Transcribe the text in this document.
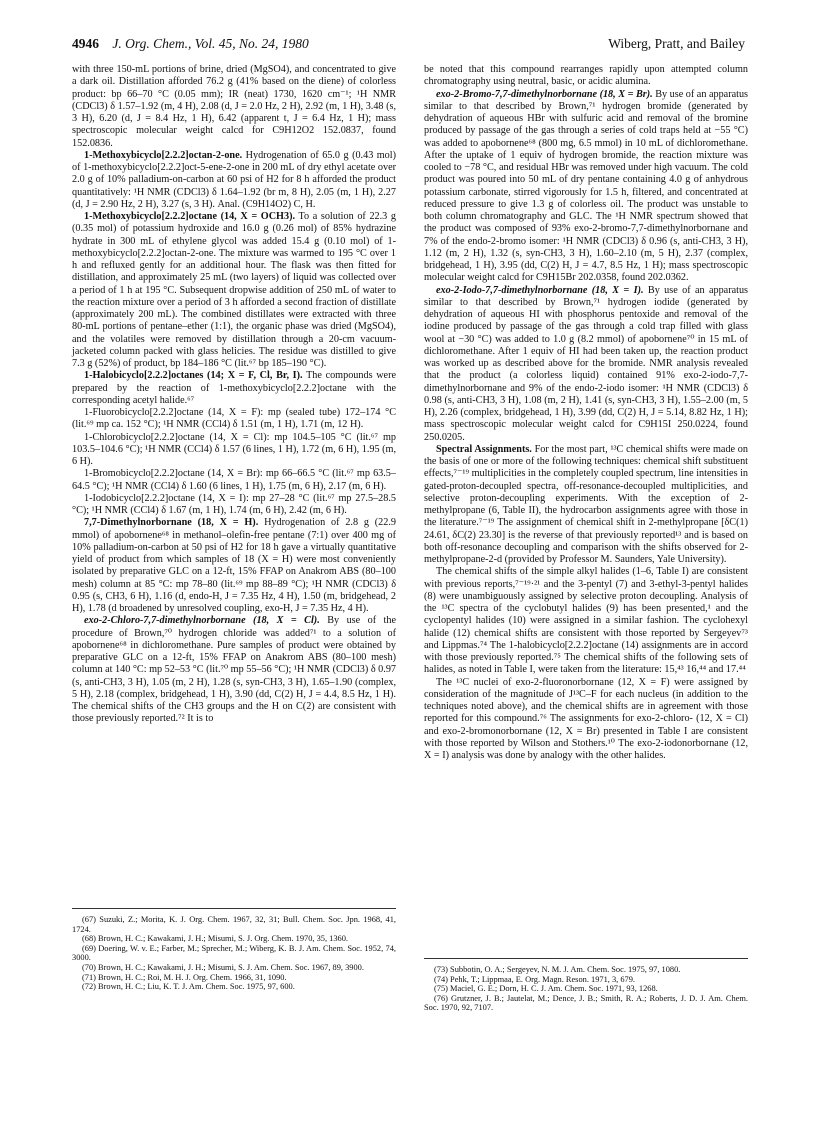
4946 J. Org. Chem., Vol. 45, No. 24, 1980	Wiberg, Pratt, and Bailey

with three 150-mL portions of brine, dried (MgSO4), and concentrated to give a dark oil. Distillation afforded 76.2 g (41% based on the diene) of colorless product: bp 66–70 °C (0.05 mm); IR (neat) 1730, 1620 cm⁻¹; ¹H NMR (CDCl3) δ 1.57–1.92 (m, 4 H), 2.08 (d, J = 2.0 Hz, 2 H), 2.92 (m, 1 H), 3.48 (s, 3 H), 6.20 (d, J = 8.4 Hz, 1 H), 6.42 (apparent t, J = 6.4 Hz, 1 H); mass spectroscopic molecular weight calcd for C9H12O2 152.0837, found 152.0836.

1-Methoxybicyclo[2.2.2]octan-2-one. Hydrogenation of 65.0 g (0.43 mol) of 1-methoxybicyclo[2.2.2]oct-5-ene-2-one in 200 mL of dry ethyl acetate over 2.0 g of 10% palladium-on-carbon at 60 psi of H2 for 8 h afforded the product quantitatively: ¹H NMR (CDCl3) δ 1.64–1.92 (br m, 8 H), 2.05 (m, 1 H), 2.27 (d, J = 2.90 Hz, 2 H), 3.27 (s, 3 H). Anal. (C9H14O2) C, H.

1-Methoxybicyclo[2.2.2]octane (14, X = OCH3). To a solution of 22.3 g (0.35 mol) of potassium hydroxide and 16.0 g (0.26 mol) of 85% hydrazine hydrate in 300 mL of ethylene glycol was added 15.4 g (0.10 mol) of 1-methoxybicyclo[2.2.2]octan-2-one. The mixture was warmed to 195 °C over 1 h and refluxed gently for an additional hour. The flask was then fitted for distillation, and approximately 25 mL (two layers) of liquid was collected over a period of 1 h at 195 °C. Subsequent dropwise addition of 250 mL of water to the reaction mixture over a period of 3 h afforded a second fraction of distillate (approximately 200 mL). The combined distillates were extracted with three 80-mL portions of pentane–ether (1:1), the organic phase was dried (MgSO4), and the volatiles were removed by distillation through a 20-cm vacuum-jacketed column packed with glass helicies. The residue was distilled to give 7.3 g (52%) of product, bp 184–186 °C (lit.⁶⁷ bp 185–190 °C).

1-Halobicyclo[2.2.2]octanes (14; X = F, Cl, Br, I). The compounds were prepared by the reaction of 1-methoxybicyclo[2.2.2]octane with the corresponding acetyl halide.⁶⁷

1-Fluorobicyclo[2.2.2]octane (14, X = F): mp (sealed tube) 172–174 °C (lit.⁶⁹ mp ca. 152 °C); ¹H NMR (CCl4) δ 1.51 (m, 1 H), 1.71 (m, 12 H).

1-Chlorobicyclo[2.2.2]octane (14, X = Cl): mp 104.5–105 °C (lit.⁶⁷ mp 103.5–104.6 °C); ¹H NMR (CCl4) δ 1.57 (6 lines, 1 H), 1.72 (m, 6 H), 1.95 (m, 6 H).

1-Bromobicyclo[2.2.2]octane (14, X = Br): mp 66–66.5 °C (lit.⁶⁷ mp 63.5–64.5 °C); ¹H NMR (CCl4) δ 1.60 (6 lines, 1 H), 1.75 (m, 6 H), 2.17 (m, 6 H).

1-Iodobicyclo[2.2.2]octane (14, X = I): mp 27–28 °C (lit.⁶⁷ mp 27.5–28.5 °C); ¹H NMR (CCl4) δ 1.67 (m, 1 H), 1.74 (m, 6 H), 2.42 (m, 6 H).

7,7-Dimethylnorbornane (18, X = H). Hydrogenation of 2.8 g (22.9 mmol) of apobornene⁶⁸ in methanol–olefin-free pentane (7:1) over 400 mg of 10% palladium-on-carbon at 50 psi of H2 for 18 h gave a virtually quantitative yield of product from which samples of 18 (X = H) were most conveniently isolated by preparative GLC on a 12-ft, 15% FFAP on Anakrom ABS (80–100 mesh) column at 85 °C: mp 78–80 (lit.⁶⁹ mp 88–89 °C); ¹H NMR (CDCl3) δ 0.95 (s, CH3, 6 H), 1.16 (d, endo-H, J = 7.35 Hz, 4 H), 1.50 (m, bridgehead, 2 H), 1.78 (d broadened by unresolved coupling, exo-H, J = 7.35 Hz, 4 H).

exo-2-Chloro-7,7-dimethylnorbornane (18, X = Cl). By use of the procedure of Brown,⁷⁰ hydrogen chloride was added⁷¹ to a solution of apobornene⁶⁸ in dichloromethane. Pure samples of product were obtained by preparative GLC on a 12-ft, 15% FFAP on Anakrom ABS (80–100 mesh) column at 140 °C: mp 52–53 °C (lit.⁷⁰ mp 55–56 °C); ¹H NMR (CDCl3) δ 0.97 (s, anti-CH3, 3 H), 1.05 (m, 2 H), 1.28 (s, syn-CH3, 3 H), 1.65–1.90 (complex, 5 H), 2.18 (complex, bridgehead, 1 H), 3.90 (dd, C(2) H, J = 4.4, 8.5 Hz, 1 H). The chemical shifts of the CH3 groups and the H on C(2) are consistent with those previously reported.⁷² It is to

be noted that this compound rearranges rapidly upon attempted column chromatography using neutral, basic, or acidic alumina.

exo-2-Bromo-7,7-dimethylnorbornane (18, X = Br). By use of an apparatus similar to that described by Brown,⁷¹ hydrogen bromide (generated by dehydration of aqueous HBr with sulfuric acid and removal of the bromine produced by passage of the gas through a series of cold traps held at −55 °C) was added to apobornene⁶⁸ (800 mg, 6.5 mmol) in 10 mL of dichloromethane. After the uptake of 1 equiv of hydrogen bromide, the reaction mixture was cooled to −78 °C, and residual HBr was removed under high vacuum. The cold product was poured into 50 mL of dry pentane containing 4.0 g of anhydrous potassium carbonate, stirred vigorously for 1.5 h, filtered, and concentrated at reduced pressure to give 1.3 g of colorless oil. The product was unstable to both column chromatography and GLC. The ¹H NMR spectrum showed that the product was composed of 93% exo-2-bromo-7,7-dimethylnorbornane and 7% of the endo-2-bromo isomer: ¹H NMR (CDCl3) δ 0.96 (s, anti-CH3, 3 H), 1.12 (m, 2 H), 1.32 (s, syn-CH3, 3 H), 1.60–2.10 (m, 5 H), 2.37 (complex, bridgehead, 1 H), 3.95 (dd, C(2) H, J = 4.7, 8.5 Hz, 1 H); mass spectroscopic molecular weight calcd for C9H15Br 202.0358, found 202.0362.

exo-2-Iodo-7,7-dimethylnorbornane (18, X = I). By use of an apparatus similar to that described by Brown,⁷¹ hydrogen iodide (generated by dehydration of aqueous HI with phosphorus pentoxide and removal of the iodine produced by passage of the gas through a cold trap filled with glass wool at −30 °C) was added to 1.0 g (8.2 mmol) of apobornene⁷⁰ in 15 mL of dichloromethane. After 1 equiv of HI had been taken up, the reaction product was worked up as described above for the bromide. NMR analysis revealed that the product (a colorless liquid) contained 91% exo-2-iodo-7,7-dimethylnorbornane and 9% of the endo-2-iodo isomer: ¹H NMR (CDCl3) δ 0.98 (s, anti-CH3, 3 H), 1.08 (m, 2 H), 1.41 (s, syn-CH3, 3 H), 1.55–2.00 (m, 5 H), 2.26 (complex, bridgehead, 1 H), 3.99 (dd, C(2) H, J = 5.14, 8.82 Hz, 1 H); mass spectroscopic molecular weight calcd for C9H15I 250.0224, found 250.0205.

Spectral Assignments. For the most part, ¹³C chemical shifts were made on the basis of one or more of the following techniques: chemical shift substituent effects,⁷⁻¹⁹ multiplicities in the completely coupled spectrum, line intensities in gated-proton-decoupled spectra, off-resonance-decoupled multiplicities, and selective proton-decoupling experiments. With the exception of 2-methylpropane (6, Table II), the hydrocarbon assignments agree with those in the literature.⁷⁻¹⁹ The assignment of chemical shift in 2-methylpropane [δC(1) 24.61, δC(2) 23.30] is the reverse of that previously reported¹³ and is based on both off-resonance decoupling and comparison with the shifts observed for 2-methylpropane-2-d (provided by Professor M. Saunders, Yale University).

The chemical shifts of the simple alkyl halides (1–6, Table I) are consistent with previous reports,⁷⁻¹⁹·²¹ and the 3-pentyl (7) and 3-ethyl-3-pentyl halides (8) were unambiguously assigned by selective proton decoupling. Analysis of the ¹³C spectra of the cyclobutyl halides (9) has been presented,¹ and the cyclopentyl halides (10) were assigned in a similar fashion. The cyclohexyl halide (12) chemical shifts are consistent with those reported by Sergeyev⁷³ and Lippmas.⁷⁴ The 1-halobicyclo[2.2.2]octane (14) assignments are in accord with those previously reported.⁷⁵ The chemical shifts of the following sets of halides, as noted in Table I, were taken from the literature: 15,⁴³ 16,⁴⁴ and 17.⁴⁴

The ¹³C nuclei of exo-2-fluoronorbornane (12, X = F) were assigned by consideration of the magnitude of J¹³C–F for each nucleus (in addition to the techniques noted above), and the chemical shifts are in agreement with those reported for this compound.⁷⁶ The assignments for exo-2-chloro- (12, X = Cl) and exo-2-bromonorbornane (12, X = Br) presented in Table I are consistent with those reported by Wilson and Stothers.¹⁰ The exo-2-iodonorbornane (12, X = I) analysis was done by analogy with the other halides.

(67) Suzuki, Z.; Morita, K. J. Org. Chem. 1967, 32, 31; Bull. Chem. Soc. Jpn. 1968, 41, 1724.
(68) Brown, H. C.; Kawakami, J. H.; Misumi, S. J. Org. Chem. 1970, 35, 1360.
(69) Doering, W. v. E.; Farber, M.; Sprecher, M.; Wiberg, K. B. J. Am. Chem. Soc. 1952, 74, 3000.
(70) Brown, H. C.; Kawakami, J. H.; Misumi, S. J. Am. Chem. Soc. 1967, 89, 3900.
(71) Brown, H. C.; Roi, M. H. J. Org. Chem. 1966, 31, 1090.
(72) Brown, H. C.; Liu, K. T. J. Am. Chem. Soc. 1975, 97, 600.
(73) Subbotin, O. A.; Sergeyev, N. M. J. Am. Chem. Soc. 1975, 97, 1080.
(74) Pehk, T.; Lippmaa, E. Org. Magn. Reson. 1971, 3, 679.
(75) Maciel, G. E.; Dorn, H. C. J. Am. Chem. Soc. 1971, 93, 1268.
(76) Grutzner, J. B.; Jautelat, M.; Dence, J. B.; Smith, R. A.; Roberts, J. D. J. Am. Chem. Soc. 1970, 92, 7107.
